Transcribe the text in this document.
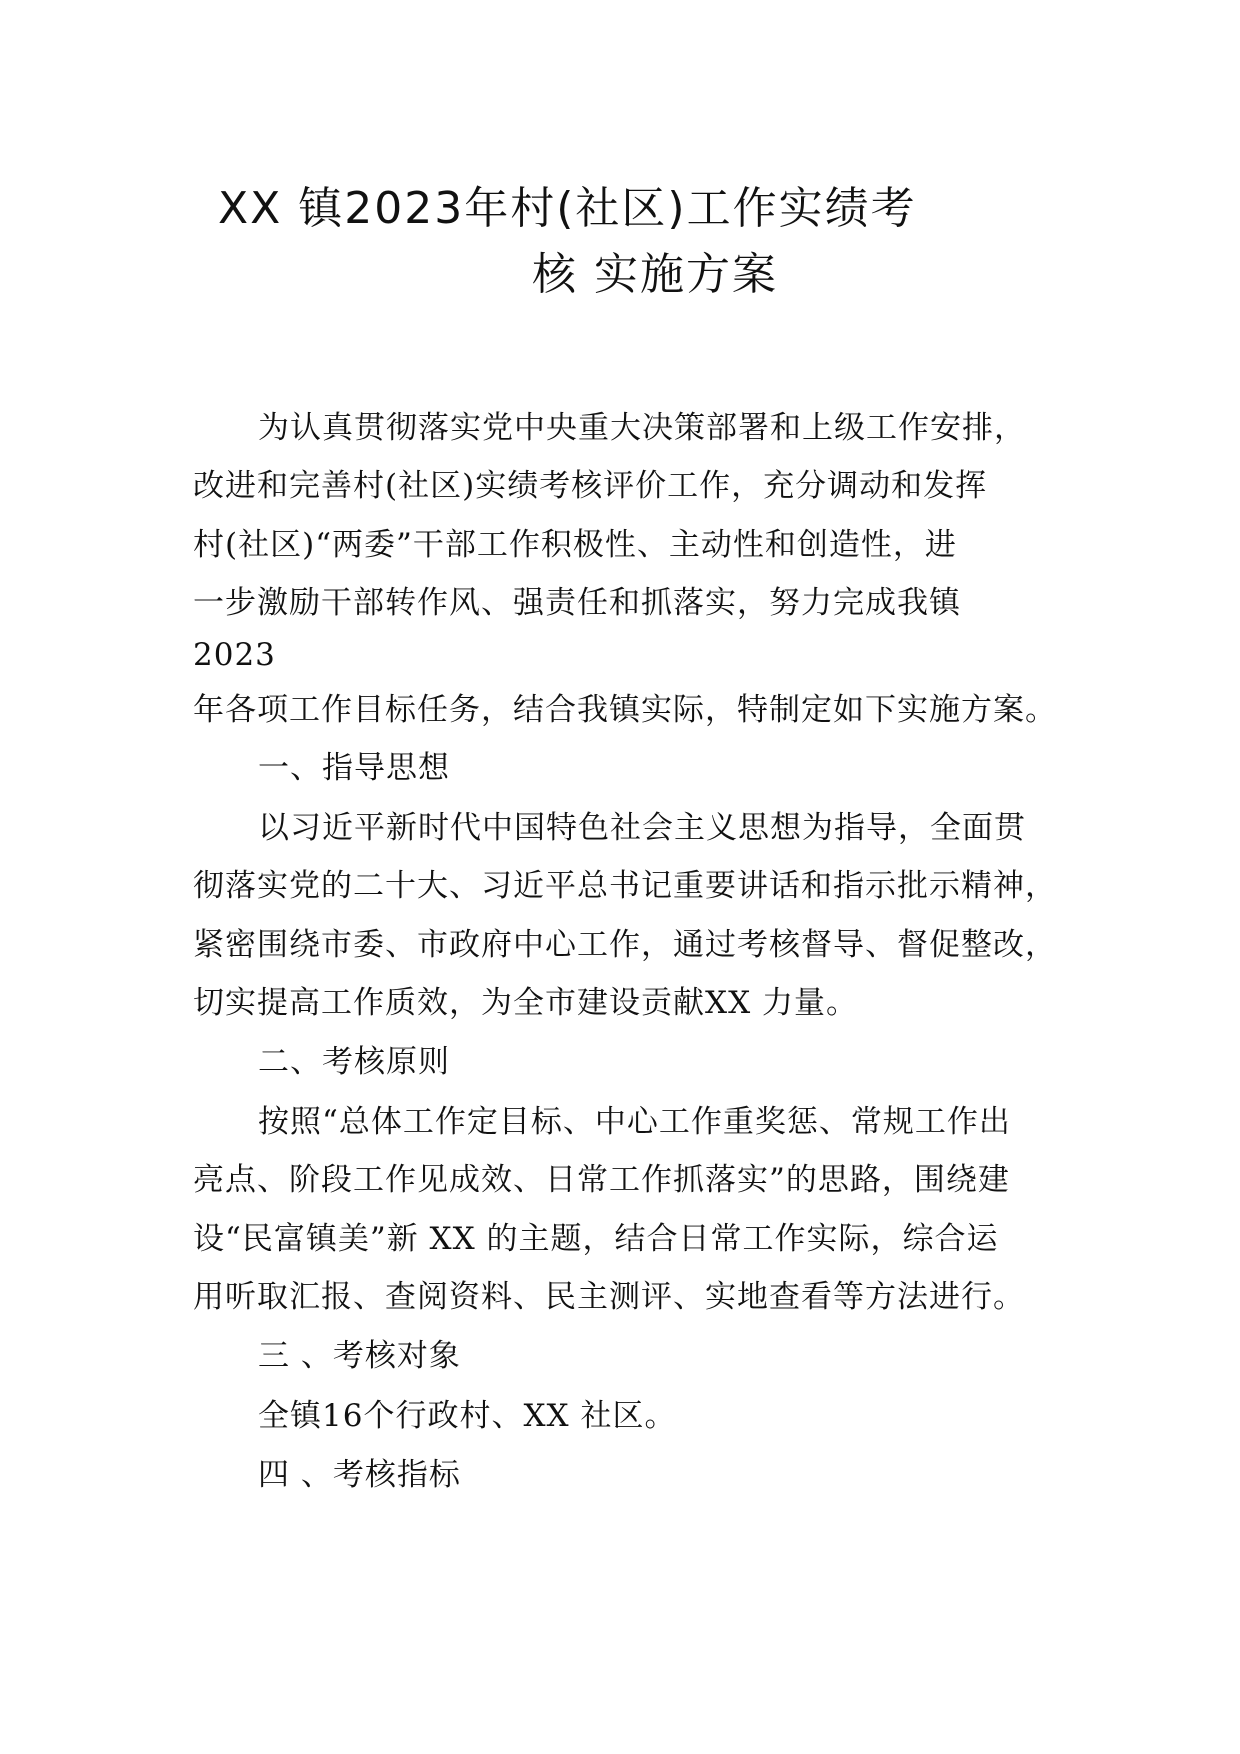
XX 镇2023年村(社区)工作实绩考
核 实施方案

为认真贯彻落实党中央重大决策部署和上级工作安排，

改进和完善村(社区)实绩考核评价工作，充分调动和发挥

村(社区)“两委”干部工作积极性、主动性和创造性，进

一步激励干部转作风、强责任和抓落实，努力完成我镇

2023

年各项工作目标任务，结合我镇实际，特制定如下实施方案。

一、指导思想

以习近平新时代中国特色社会主义思想为指导，全面贯

彻落实党的二十大、习近平总书记重要讲话和指示批示精神，

紧密围绕市委、市政府中心工作，通过考核督导、督促整改，

切实提高工作质效，为全市建设贡献XX 力量。

二、考核原则

按照“总体工作定目标、中心工作重奖惩、常规工作出

亮点、阶段工作见成效、日常工作抓落实”的思路，围绕建

设“民富镇美”新 XX 的主题，结合日常工作实际，综合运

用听取汇报、查阅资料、民主测评、实地查看等方法进行。

三 、考核对象

全镇16个行政村、XX 社区。

四 、考核指标
